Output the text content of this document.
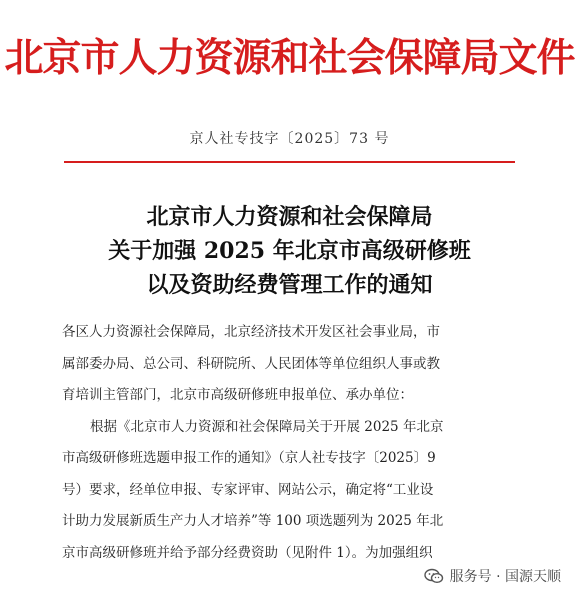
北京市人力资源和社会保障局文件
京人社专技字〔2025〕73 号
北京市人力资源和社会保障局
关于加强 2025 年北京市高级研修班
以及资助经费管理工作的通知

各区人力资源社会保障局，北京经济技术开发区社会事业局，市
属部委办局、总公司、科研院所、人民团体等单位组织人事或教
育培训主管部门，北京市高级研修班申报单位、承办单位：

根据《北京市人力资源和社会保障局关于开展 2025 年北京
市高级研修班选题申报工作的通知》（京人社专技字〔2025〕9
号）要求，经单位申报、专家评审、网站公示，确定将“工业设
计助力发展新质生产力人才培养”等 100 项选题列为 2025 年北
京市高级研修班并给予部分经费资助（见附件 1）。为加强组织

服务号 · 国源天顺
